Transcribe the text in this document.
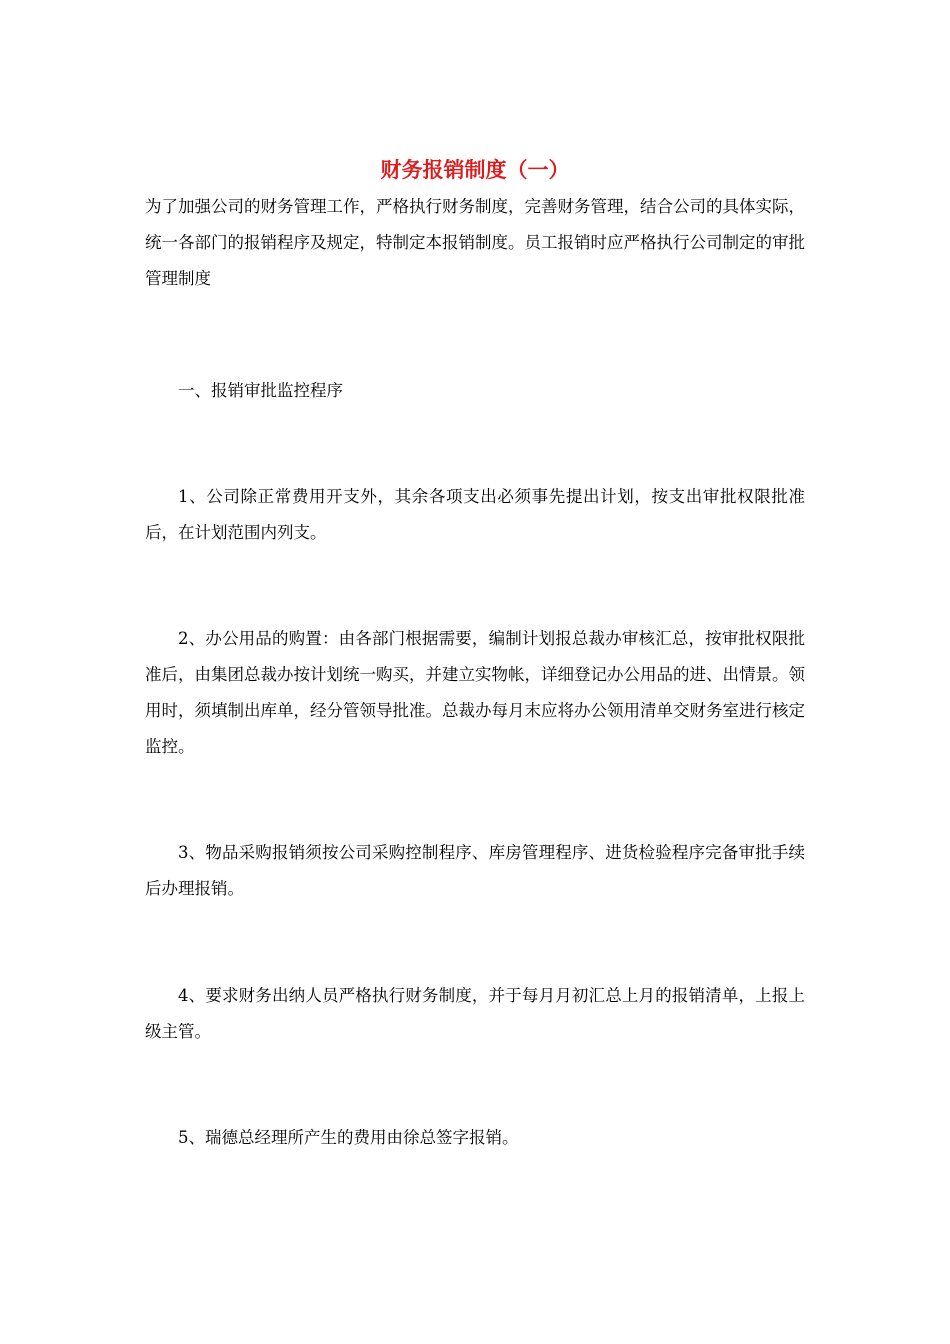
财务报销制度（一）

为了加强公司的财务管理工作，严格执行财务制度，完善财务管理，结合公司的具体实际，统一各部门的报销程序及规定，特制定本报销制度。员工报销时应严格执行公司制定的审批管理制度

一、报销审批监控程序

1、公司除正常费用开支外，其余各项支出必须事先提出计划，按支出审批权限批准后，在计划范围内列支。

2、办公用品的购置：由各部门根据需要，编制计划报总裁办审核汇总，按审批权限批准后，由集团总裁办按计划统一购买，并建立实物帐，详细登记办公用品的进、出情景。领用时，须填制出库单，经分管领导批准。总裁办每月末应将办公领用清单交财务室进行核定监控。

3、物品采购报销须按公司采购控制程序、库房管理程序、进货检验程序完备审批手续后办理报销。

4、要求财务出纳人员严格执行财务制度，并于每月月初汇总上月的报销清单，上报上级主管。

5、瑞德总经理所产生的费用由徐总签字报销。
